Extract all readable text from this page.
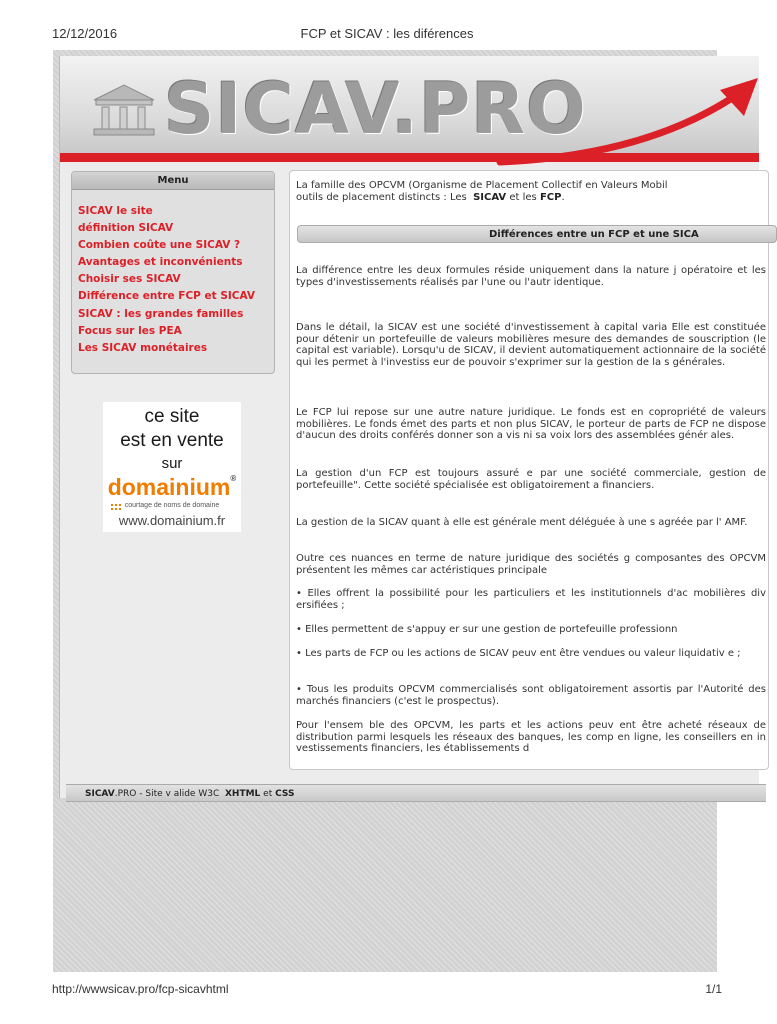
12/12/2016	FCP et SICAV : les diférences
SICAV.PRO
Menu
SICAV le site
définition SICAV
Combien coûte une SICAV ?
Avantages et inconvénients
Choisir ses SICAV
Différence entre FCP et SICAV
SICAV : les grandes familles
Focus sur les PEA
Les SICAV monétaires
ce site
est en vente
sur
domainium®
courtage de noms de domaine
www.domainium.fr
La famille des OPCVM (Organisme de Placement Collectif en Valeurs Mobil
outils de placement distincts : Les SICAV et les FCP.
Différences entre un FCP et une SICA
La différence entre les deux formules réside uniquement dans la nature j opératoire et les types d'investissements réalisés par l'une ou l'autr identique.
Dans le détail, la SICAV est une société d'investissement à capital varia Elle est constituée pour détenir un portefeuille de valeurs mobilières mesure des demandes de souscription (le capital est variable). Lorsqu'u de SICAV, il devient automatiquement actionnaire de la société qui les permet à l'investiss eur de pouvoir s'exprimer sur la gestion de la s générales.
Le FCP lui repose sur une autre nature juridique. Le fonds est en copropriété de valeurs mobilières. Le fonds émet des parts et non plus SICAV, le porteur de parts de FCP ne dispose d'aucun des droits conférés donner son a vis ni sa voix lors des assemblées génér ales.
La gestion d'un FCP est toujours assuré e par une société commerciale, gestion de portefeuille". Cette société spécialisée est obligatoirement a financiers.
La gestion de la SICAV quant à elle est générale ment déléguée à une s agréée par l' AMF.
Outre ces nuances en terme de nature juridique des sociétés g composantes des OPCVM présentent les mêmes car actéristiques principale
• Elles offrent la possibilité pour les particuliers et les institutionnels d'ac mobilières div ersifiées ;
• Elles permettent de s'appuy er sur une gestion de portefeuille professionn
• Les parts de FCP ou les actions de SICAV peuv ent être vendues ou valeur liquidativ e ;
• Tous les produits OPCVM commercialisés sont obligatoirement assortis par l'Autorité des marchés financiers (c'est le prospectus).
Pour l'ensem ble des OPCVM, les parts et les actions peuv ent être acheté réseaux de distribution parmi lesquels les réseaux des banques, les comp en ligne, les conseillers en in vestissements financiers, les établissements d
SICAV.PRO - Site v alide W3C XHTML et CSS
http://wwwsicav.pro/fcp-sicavhtml	1/1
